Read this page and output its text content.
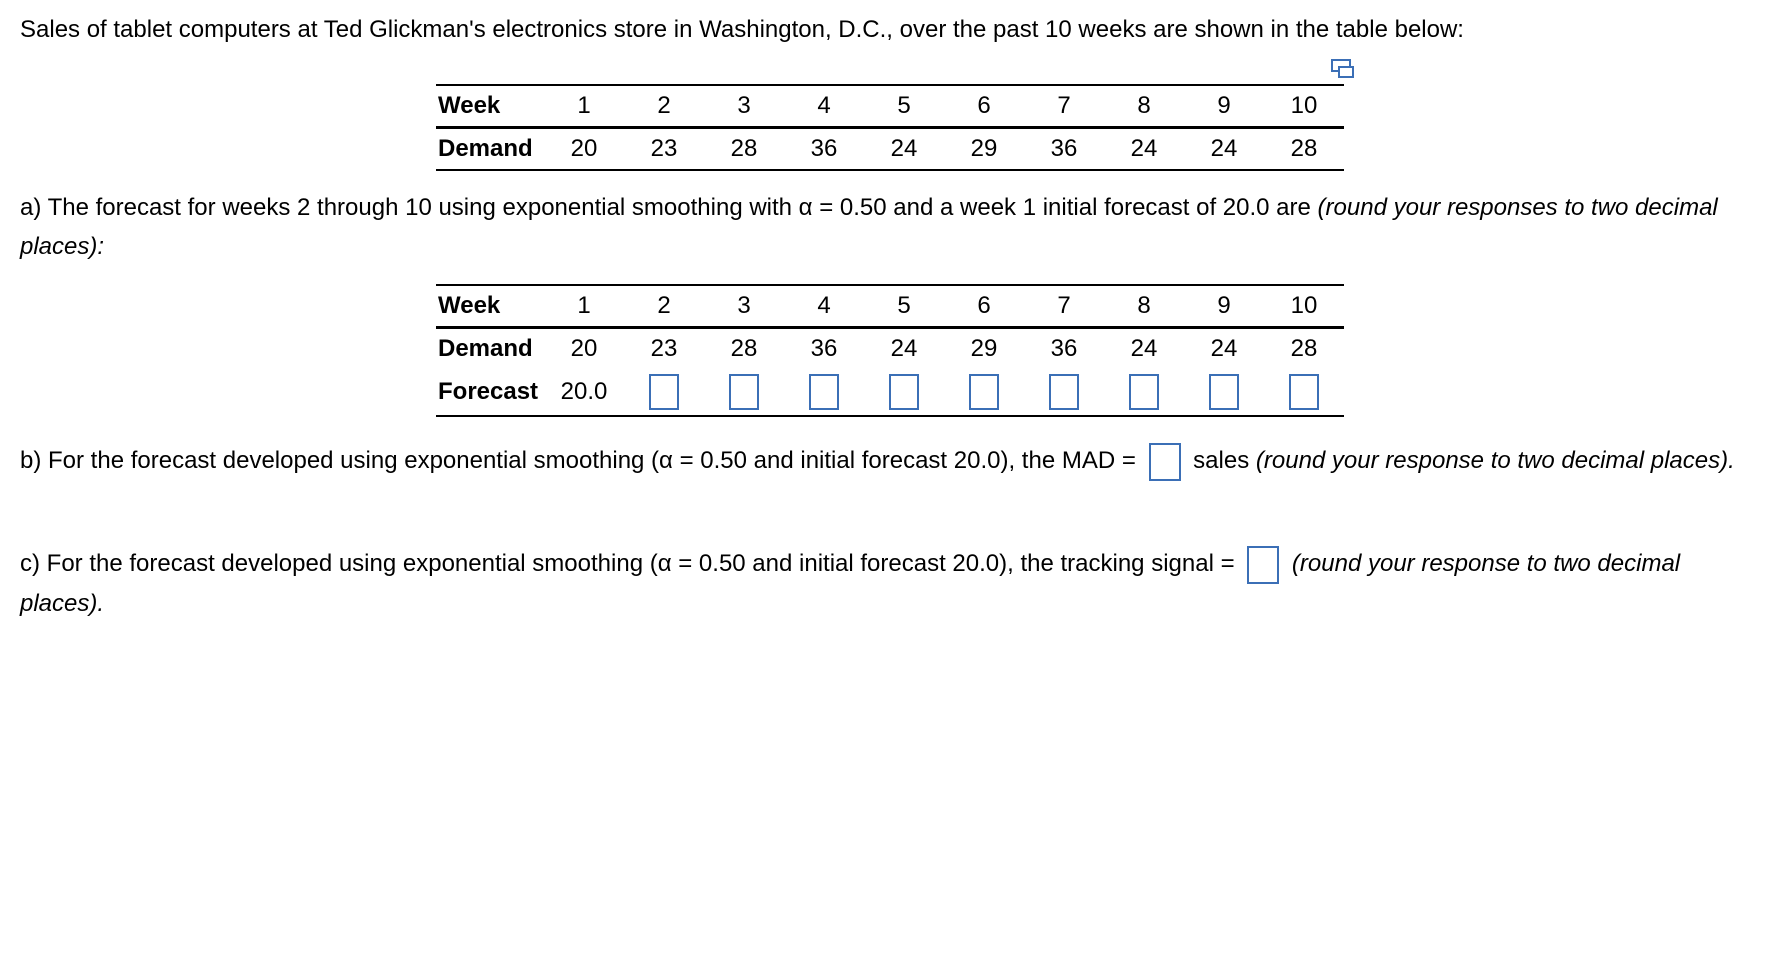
Sales of tablet computers at Ted Glickman's electronics store in Washington, D.C., over the past 10 weeks are shown in the table below:
Week	1	2	3	4	5	6	7	8	9	10
Demand	20	23	28	36	24	29	36	24	24	28
a) The forecast for weeks 2 through 10 using exponential smoothing with α = 0.50 and a week 1 initial forecast of 20.0 are (round your responses to two decimal places):
Week	1	2	3	4	5	6	7	8	9	10
Demand	20	23	28	36	24	29	36	24	24	28
Forecast	20.0									
b) For the forecast developed using exponential smoothing (α = 0.50 and initial forecast 20.0), the MAD =  sales (round your response to two decimal places).
c) For the forecast developed using exponential smoothing (α = 0.50 and initial forecast 20.0), the tracking signal =  (round your response to two decimal places).
